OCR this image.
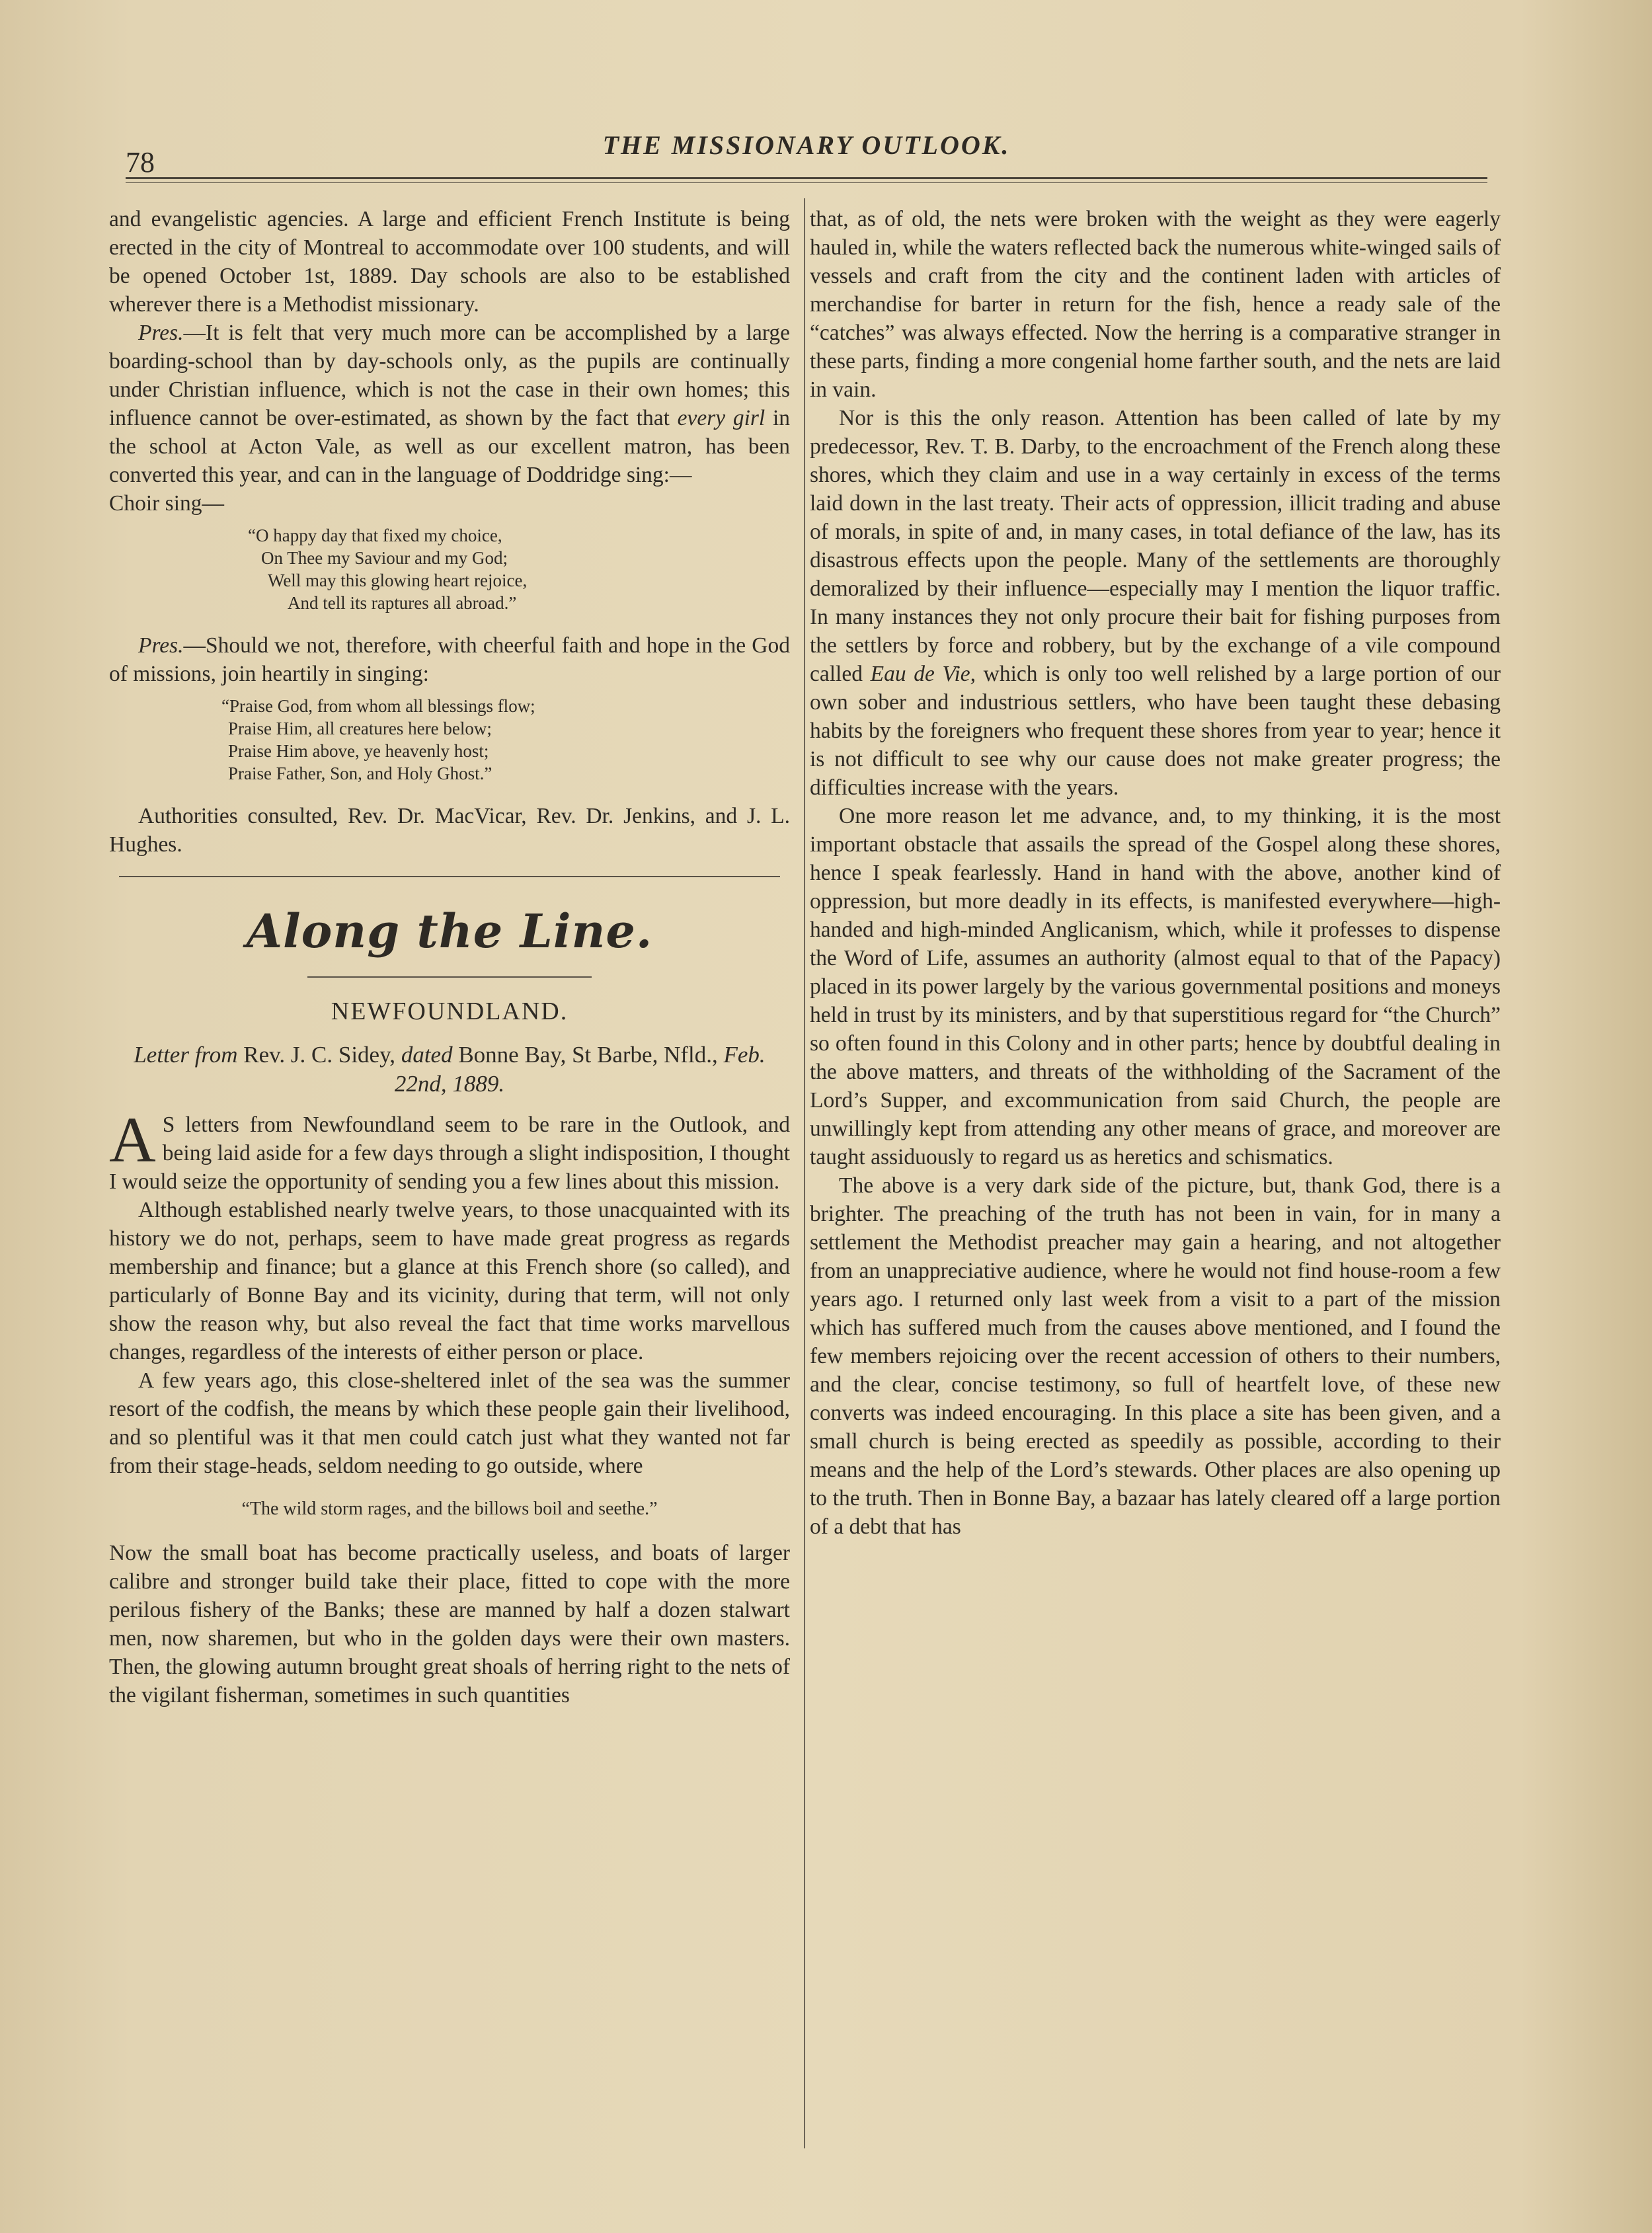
78
THE MISSIONARY OUTLOOK.

and evangelistic agencies. A large and efficient French Institute is being erected in the city of Montreal to accommodate over 100 students, and will be opened October 1st, 1889. Day schools are also to be established wherever there is a Methodist missionary.

Pres.—It is felt that very much more can be accomplished by a large boarding-school than by day-schools only, as the pupils are continually under Christian influence, which is not the case in their own homes; this influence cannot be over-estimated, as shown by the fact that every girl in the school at Acton Vale, as well as our excellent matron, has been converted this year, and can in the language of Doddridge sing:—

Choir sing—

“O happy day that fixed my choice,
On Thee my Saviour and my God;
Well may this glowing heart rejoice,
And tell its raptures all abroad.”

Pres.—Should we not, therefore, with cheerful faith and hope in the God of missions, join heartily in singing:

“Praise God, from whom all blessings flow;
Praise Him, all creatures here below;
Praise Him above, ye heavenly host;
Praise Father, Son, and Holy Ghost.”

Authorities consulted, Rev. Dr. MacVicar, Rev. Dr. Jenkins, and J. L. Hughes.

Along the Line.
NEWFOUNDLAND.
Letter from Rev. J. C. Sidey, dated Bonne Bay, St Barbe, Nfld., Feb. 22nd, 1889.

A S letters from Newfoundland seem to be rare in the Outlook, and being laid aside for a few days through a slight indisposition, I thought I would seize the opportunity of sending you a few lines about this mission.

Although established nearly twelve years, to those unacquainted with its history we do not, perhaps, seem to have made great progress as regards membership and finance; but a glance at this French shore (so called), and particularly of Bonne Bay and its vicinity, during that term, will not only show the reason why, but also reveal the fact that time works marvellous changes, regardless of the interests of either person or place.

A few years ago, this close-sheltered inlet of the sea was the summer resort of the codfish, the means by which these people gain their livelihood, and so plentiful was it that men could catch just what they wanted not far from their stage-heads, seldom needing to go outside, where

“The wild storm rages, and the billows boil and seethe.”

Now the small boat has become practically useless, and boats of larger calibre and stronger build take their place, fitted to cope with the more perilous fishery of the Banks; these are manned by half a dozen stalwart men, now sharemen, but who in the golden days were their own masters. Then, the glowing autumn brought great shoals of herring right to the nets of the vigilant fisherman, sometimes in such quantities

that, as of old, the nets were broken with the weight as they were eagerly hauled in, while the waters reflected back the numerous white-winged sails of vessels and craft from the city and the continent laden with articles of merchandise for barter in return for the fish, hence a ready sale of the “catches” was always effected. Now the herring is a comparative stranger in these parts, finding a more congenial home farther south, and the nets are laid in vain.

Nor is this the only reason. Attention has been called of late by my predecessor, Rev. T. B. Darby, to the encroachment of the French along these shores, which they claim and use in a way certainly in excess of the terms laid down in the last treaty. Their acts of oppression, illicit trading and abuse of morals, in spite of and, in many cases, in total defiance of the law, has its disastrous effects upon the people. Many of the settlements are thoroughly demoralized by their influence—especially may I mention the liquor traffic. In many instances they not only procure their bait for fishing purposes from the settlers by force and robbery, but by the exchange of a vile compound called Eau de Vie, which is only too well relished by a large portion of our own sober and industrious settlers, who have been taught these debasing habits by the foreigners who frequent these shores from year to year; hence it is not difficult to see why our cause does not make greater progress; the difficulties increase with the years.

One more reason let me advance, and, to my thinking, it is the most important obstacle that assails the spread of the Gospel along these shores, hence I speak fearlessly. Hand in hand with the above, another kind of oppression, but more deadly in its effects, is manifested everywhere—high-handed and high-minded Anglicanism, which, while it professes to dispense the Word of Life, assumes an authority (almost equal to that of the Papacy) placed in its power largely by the various governmental positions and moneys held in trust by its ministers, and by that superstitious regard for “the Church” so often found in this Colony and in other parts; hence by doubtful dealing in the above matters, and threats of the withholding of the Sacrament of the Lord’s Supper, and excommunication from said Church, the people are unwillingly kept from attending any other means of grace, and moreover are taught assiduously to regard us as heretics and schismatics.

The above is a very dark side of the picture, but, thank God, there is a brighter. The preaching of the truth has not been in vain, for in many a settlement the Methodist preacher may gain a hearing, and not altogether from an unappreciative audience, where he would not find house-room a few years ago. I returned only last week from a visit to a part of the mission which has suffered much from the causes above mentioned, and I found the few members rejoicing over the recent accession of others to their numbers, and the clear, concise testimony, so full of heartfelt love, of these new converts was indeed encouraging. In this place a site has been given, and a small church is being erected as speedily as possible, according to their means and the help of the Lord’s stewards. Other places are also opening up to the truth. Then in Bonne Bay, a bazaar has lately cleared off a large portion of a debt that has
